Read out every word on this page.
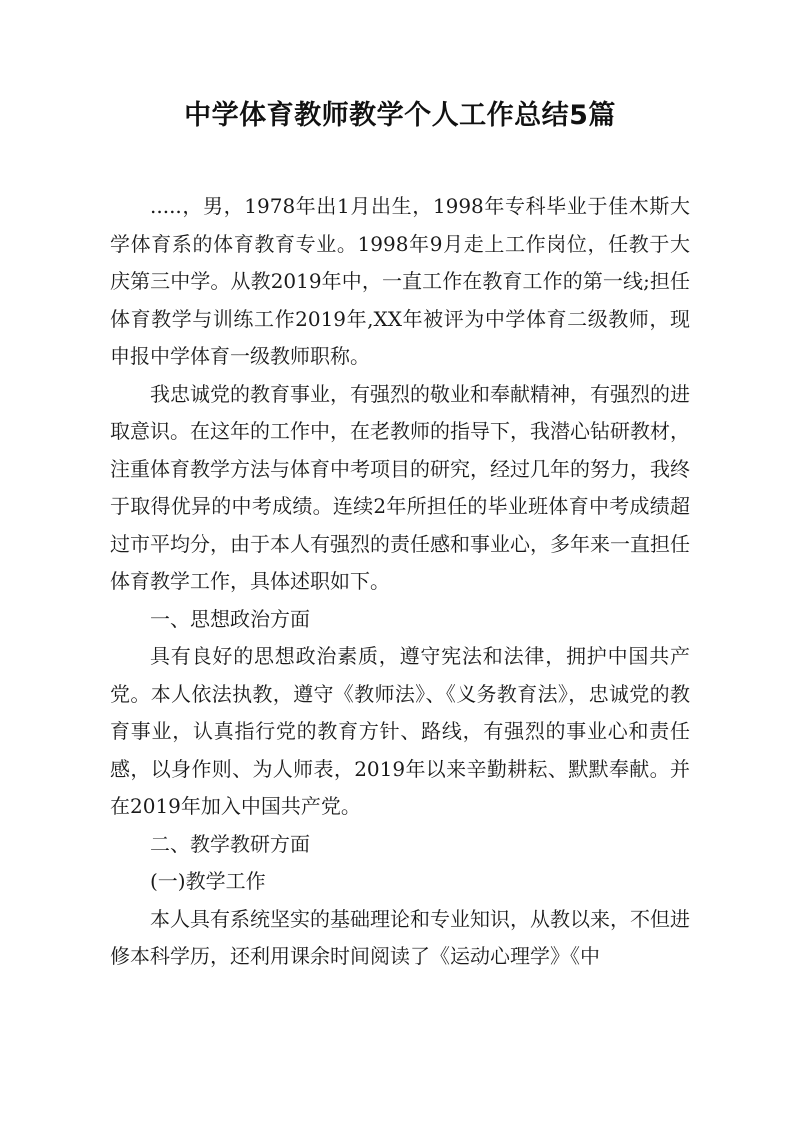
中学体育教师教学个人工作总结5篇

.....，男，1978年出1月出生，1998年专科毕业于佳木斯大学体育系的体育教育专业。1998年9月走上工作岗位，任教于大庆第三中学。从教2019年中，一直工作在教育工作的第一线;担任体育教学与训练工作2019年,XX年被评为中学体育二级教师，现申报中学体育一级教师职称。

我忠诚党的教育事业，有强烈的敬业和奉献精神，有强烈的进取意识。在这年的工作中，在老教师的指导下，我潜心钻研教材，注重体育教学方法与体育中考项目的研究，经过几年的努力，我终于取得优异的中考成绩。连续2年所担任的毕业班体育中考成绩超过市平均分，由于本人有强烈的责任感和事业心，多年来一直担任体育教学工作，具体述职如下。

一、思想政治方面

具有良好的思想政治素质，遵守宪法和法律，拥护中国共产党。本人依法执教，遵守《教师法》、《义务教育法》，忠诚党的教育事业，认真指行党的教育方针、路线，有强烈的事业心和责任感，以身作则、为人师表，2019年以来辛勤耕耘、默默奉献。并在2019年加入中国共产党。

二、教学教研方面

(一)教学工作

本人具有系统坚实的基础理论和专业知识，从教以来，不但进修本科学历，还利用课余时间阅读了《运动心理学》《中
